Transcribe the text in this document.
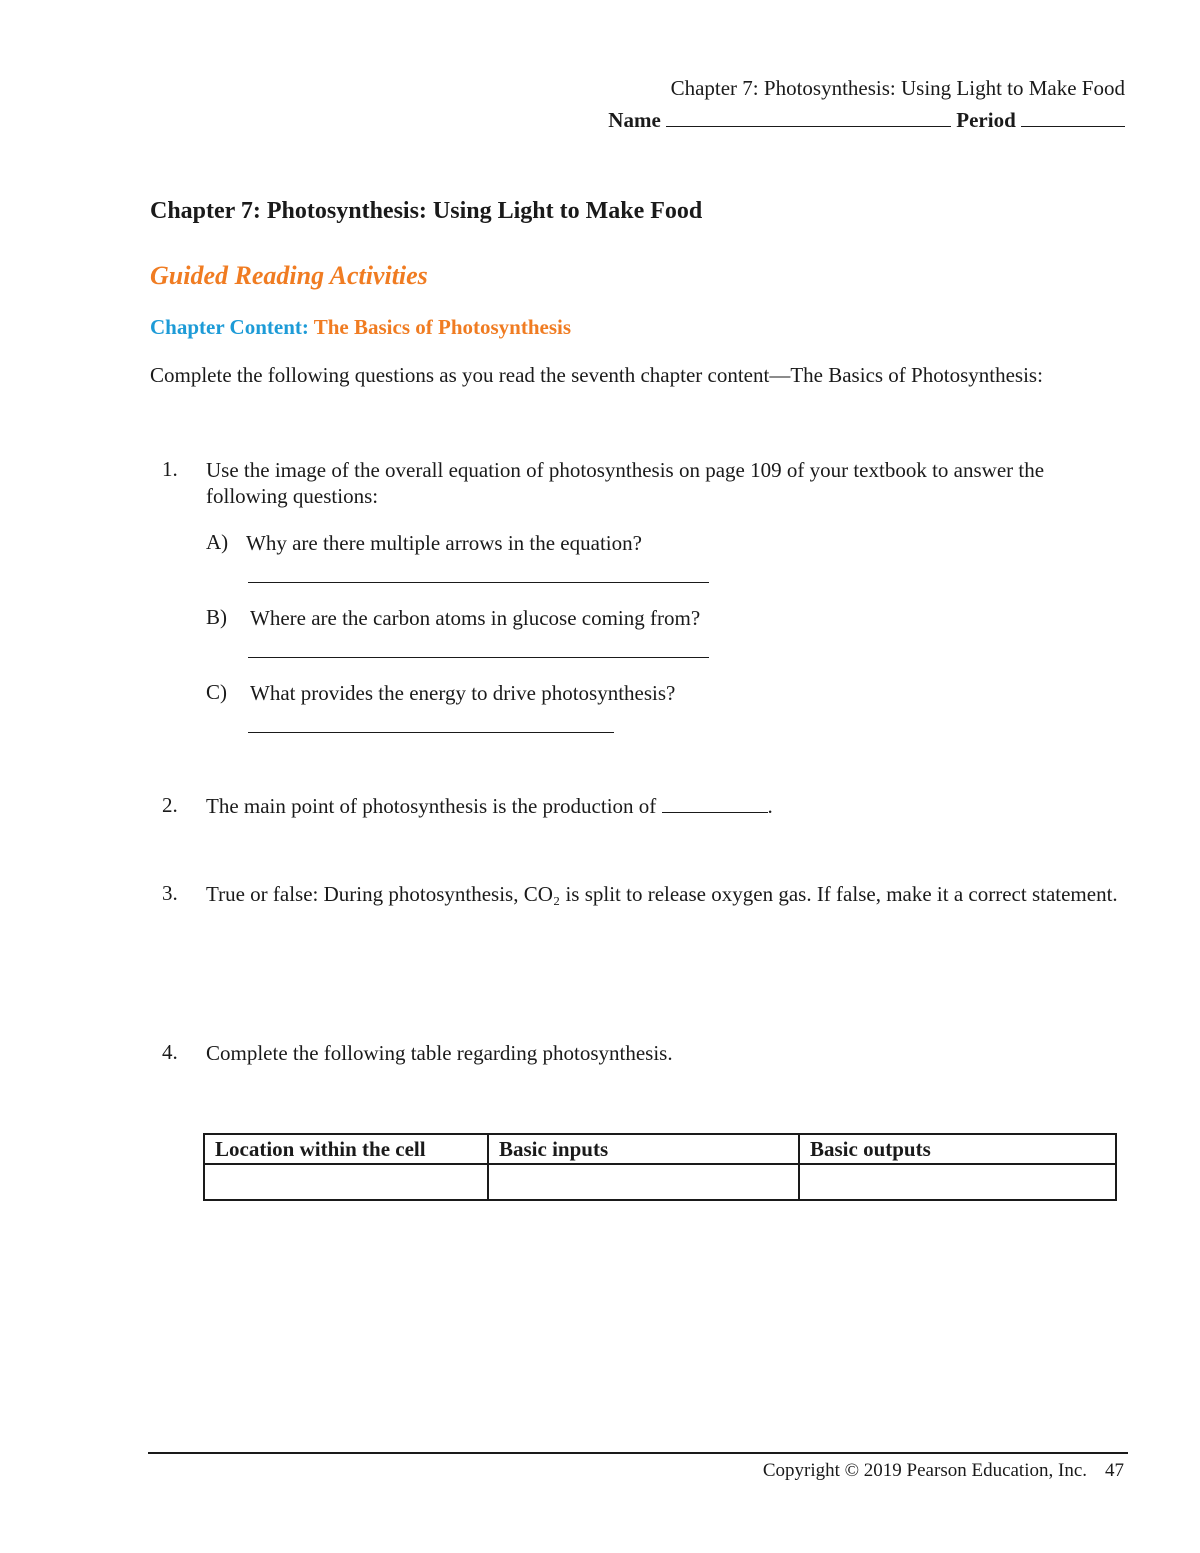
Chapter 7: Photosynthesis: Using Light to Make Food
Name	Period
Chapter 7: Photosynthesis: Using Light to Make Food
Guided Reading Activities
Chapter Content: The Basics of Photosynthesis
Complete the following questions as you read the seventh chapter content—The Basics of Photosynthesis:
1. Use the image of the overall equation of photosynthesis on page 109 of your textbook to answer the following questions:
A) Why are there multiple arrows in the equation?
B) Where are the carbon atoms in glucose coming from?
C) What provides the energy to drive photosynthesis?
2. The main point of photosynthesis is the production of	.
3. True or false: During photosynthesis, CO₂ is split to release oxygen gas. If false, make it a correct statement.
4. Complete the following table regarding photosynthesis.
Location within the cell	Basic inputs	Basic outputs

Copyright © 2019 Pearson Education, Inc. 47
